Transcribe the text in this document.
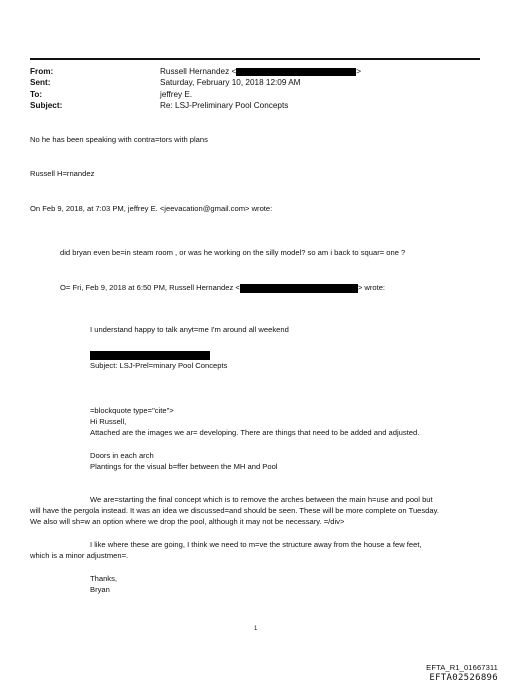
From:	Russell Hernandez <	>
Sent:	Saturday, February 10, 2018 12:09 AM
To:	jeffrey E.
Subject:	Re: LSJ-Preliminary Pool Concepts
No he has been speaking with contra=tors with plans
Russell H=rnandez
On Feb 9, 2018, at 7:03 PM, jeffrey E. <jeevacation@gmail.com> wrote:
did bryan even be=in steam room , or was he working on the silly model? so am i back to squar= one ?
O= Fri, Feb 9, 2018 at 6:50 PM, Russell Hernandez <	> wrote:
I understand happy to talk anyt=me I'm around all weekend
Subject: LSJ-Prel=minary Pool Concepts
=blockquote type="cite">
Hi Russell,
Attached are the images we ar= developing. There are things that need to be added and adjusted.
Doors in each arch
Plantings for the visual b=ffer between the MH and Pool
We are=starting the final concept which is to remove the arches between the main h=use and pool but
will have the pergola instead. It was an idea we discussed=and should be seen. These will be more complete on Tuesday.
We also will sh=w an option where we drop the pool, although it may not be necessary. =/div>
I like where these are going, I think we need to m=ve the structure away from the house a few feet,
which is a minor adjustmen=.
Thanks,
Bryan
1
EFTA_R1_01667311
EFTA02526896
